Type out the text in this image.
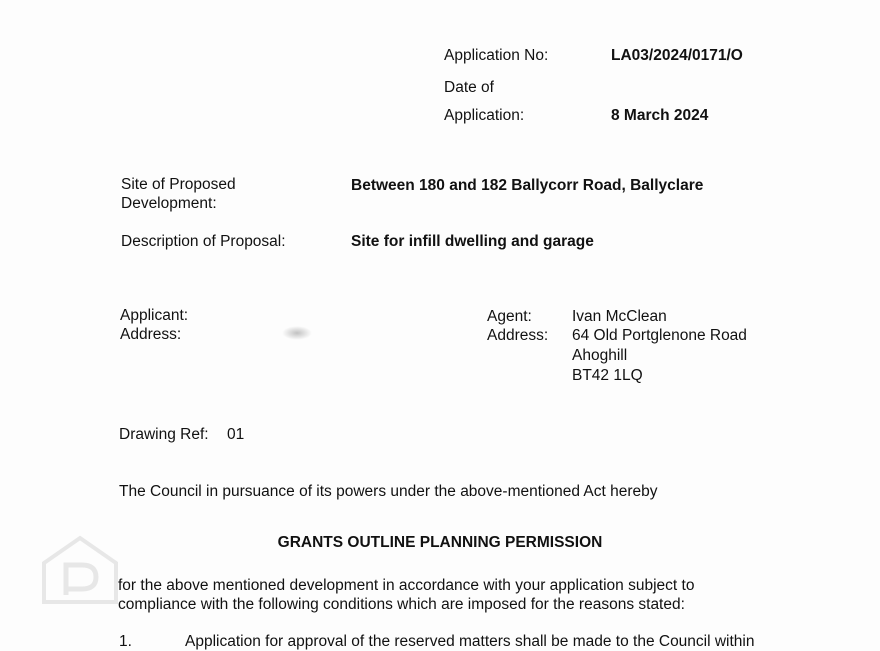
Application No:	LA03/2024/0171/O
Date of
Application:	8 March 2024
Site of Proposed
Development:
Between 180 and 182 Ballycorr Road, Ballyclare
Description of Proposal:	Site for infill dwelling and garage
Applicant:
Address:
Agent:	Ivan McClean
Address: 64 Old Portglenone Road
Ahoghill
BT42 1LQ
Drawing Ref: 01
The Council in pursuance of its powers under the above-mentioned Act hereby
GRANTS OUTLINE PLANNING PERMISSION
for the above mentioned development in accordance with your application subject to
compliance with the following conditions which are imposed for the reasons stated:
1.	Application for approval of the reserved matters shall be made to the Council within
